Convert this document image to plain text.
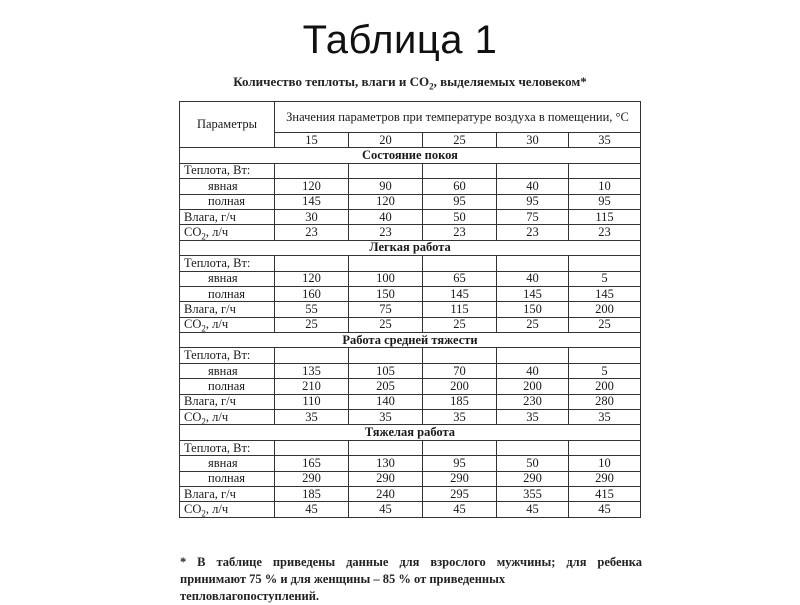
Таблица 1
Количество теплоты, влаги и $СО_2$, выделяемых человеком*
Параметры	Значения параметров при температуре воздуха в помещении, °С				
	15	20	25	30	35
Состояние покоя					
Теплота, Вт:					
явная	120	90	60	40	10
полная	145	120	95	95	95
Влага, г/ч	30	40	50	75	115
$СО_2$, л/ч	23	23	23	23	23
Легкая работа					
Теплота, Вт:					
явная	120	100	65	40	5
полная	160	150	145	145	145
Влага, г/ч	55	75	115	150	200
$СО_2$, л/ч	25	25	25	25	25
Работа средней тяжести					
Теплота, Вт:					
явная	135	105	70	40	5
полная	210	205	200	200	200
Влага, г/ч	110	140	185	230	280
$СО_2$, л/ч	35	35	35	35	35
Тяжелая работа					
Теплота, Вт:					
явная	165	130	95	50	10
полная	290	290	290	290	290
Влага, г/ч	185	240	295	355	415
$СО_2$, л/ч	45	45	45	45	45
* В таблице приведены данные для взрослого мужчины; для ребенка
принимают 75 % и для женщины – 85 % от приведенных тепловлагопоступлений.
